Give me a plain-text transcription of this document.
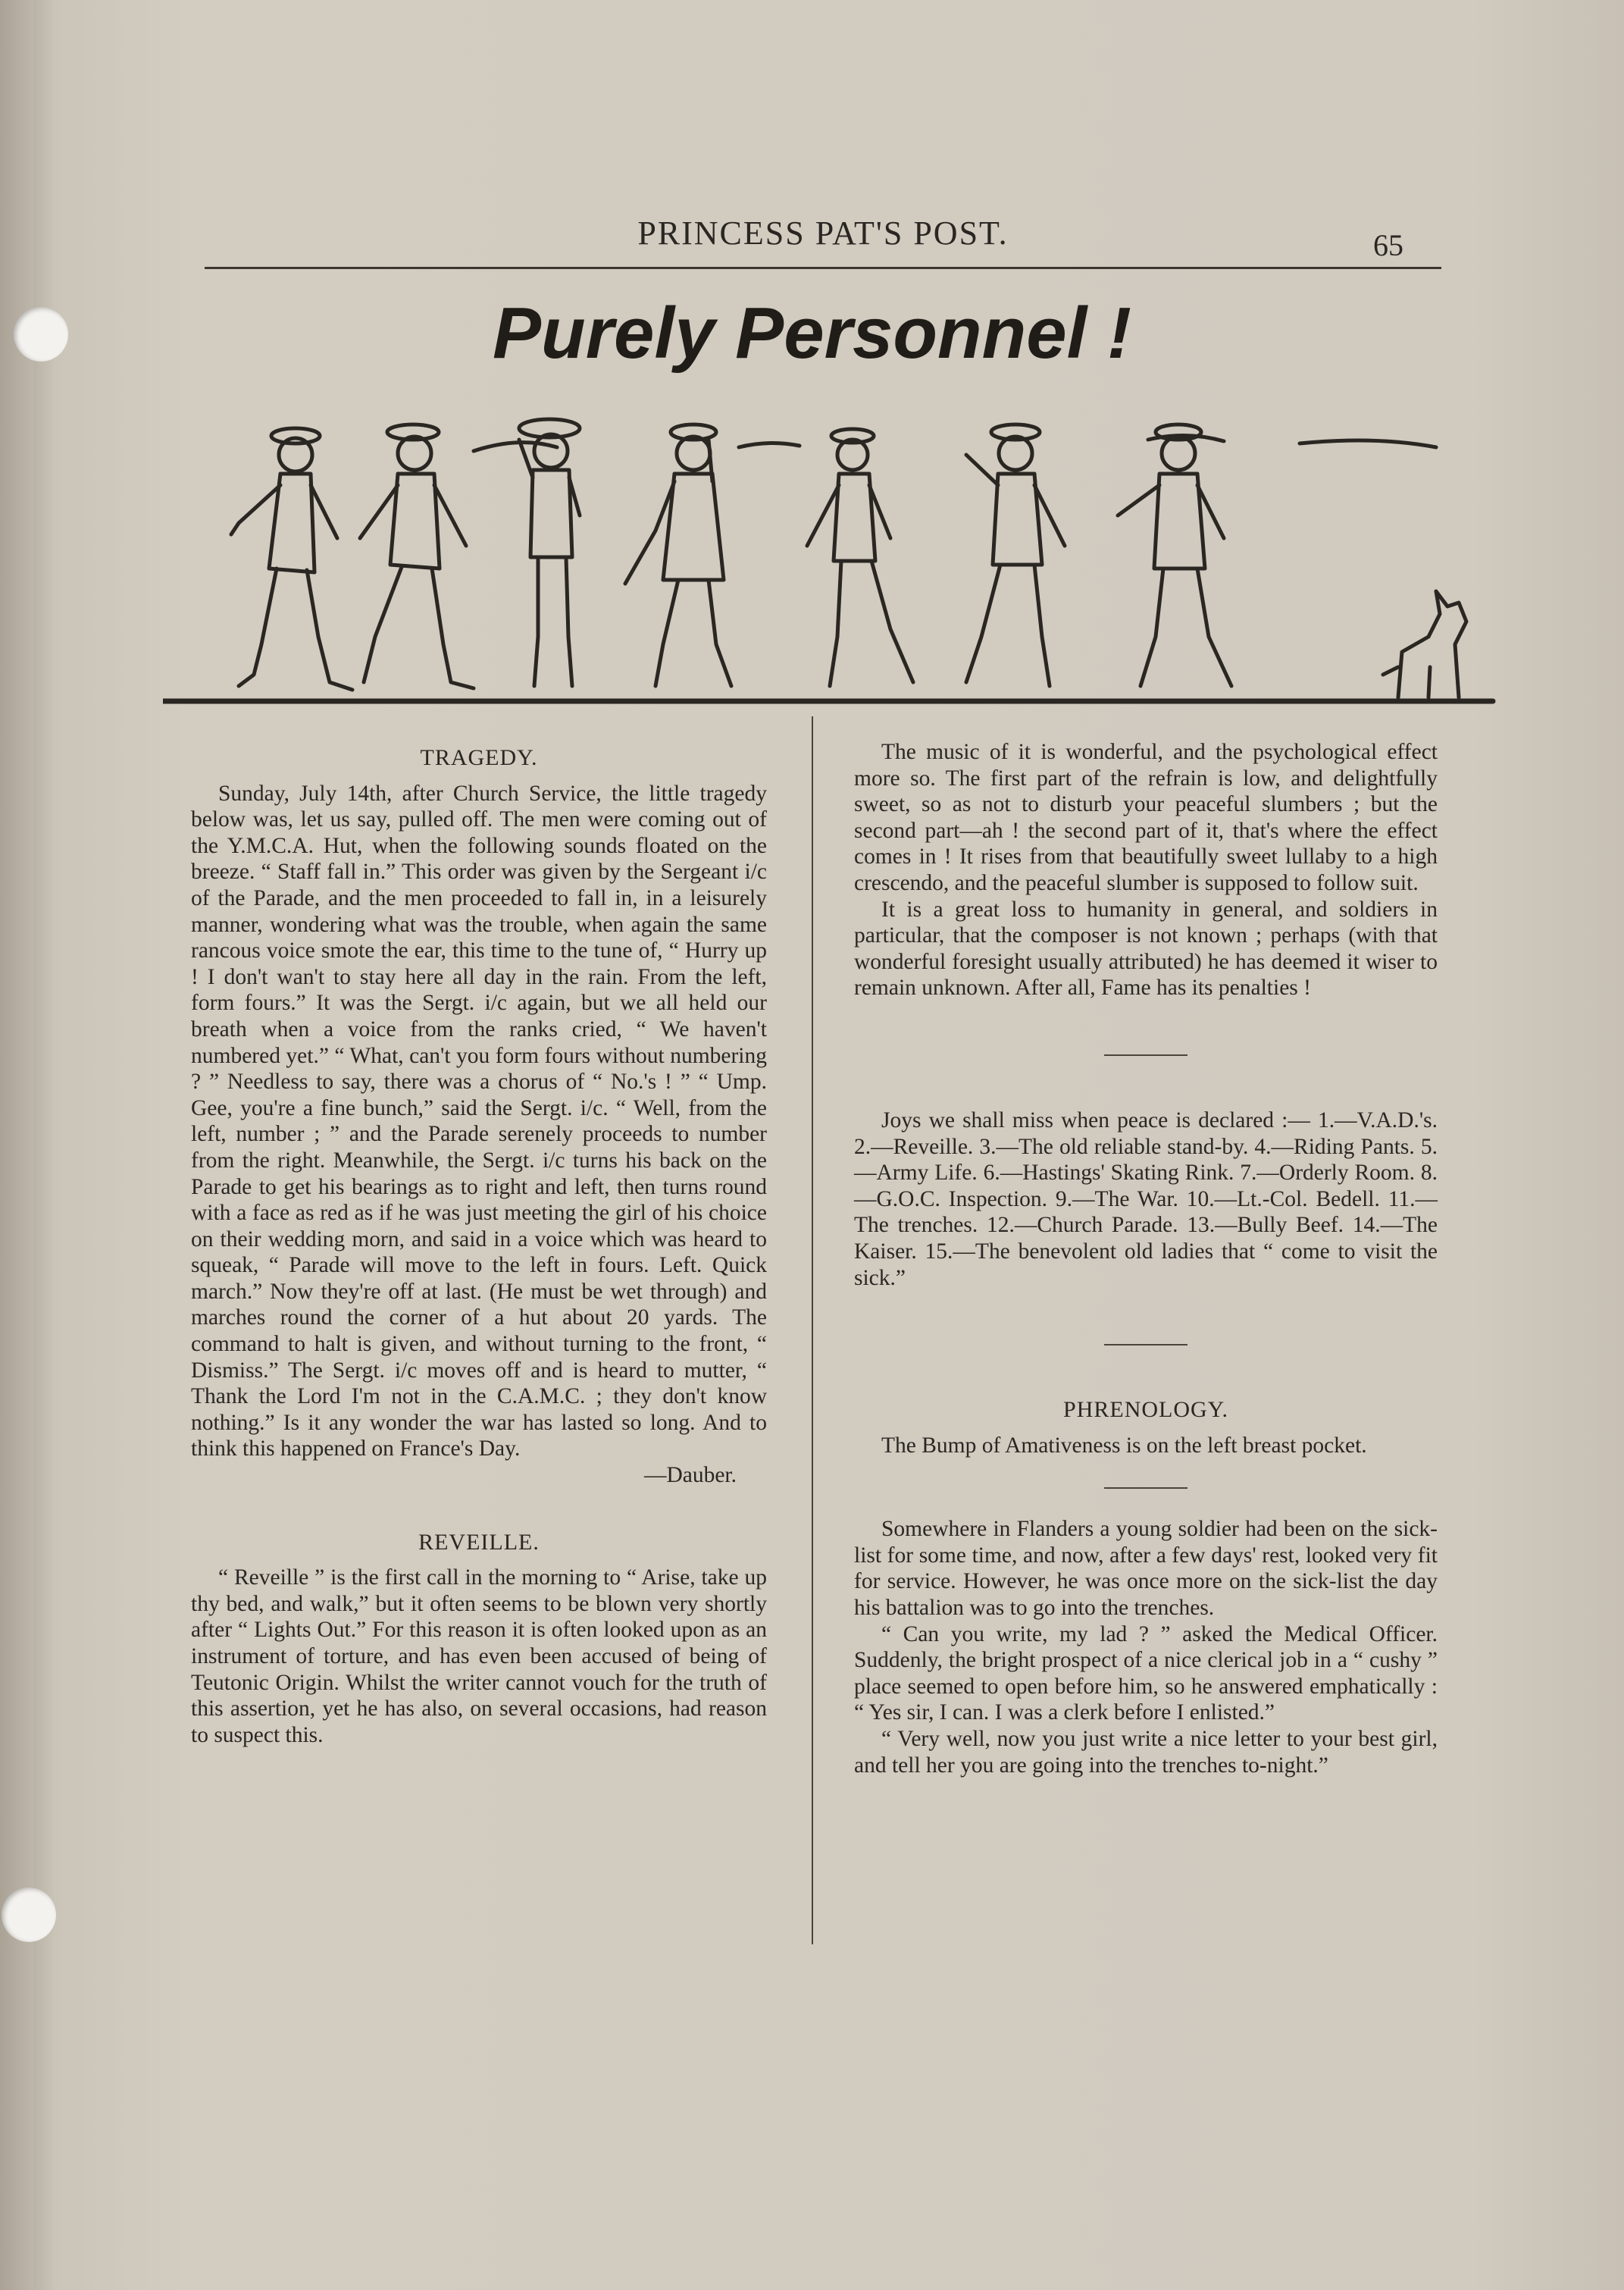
PRINCESS PAT'S POST.	65
Purely Personnel !
TRAGEDY.

Sunday, July 14th, after Church Service, the little tragedy below was, let us say, pulled off. The men were coming out of the Y.M.C.A. Hut, when the following sounds floated on the breeze. “ Staff fall in.” This order was given by the Sergeant i/c of the Parade, and the men proceeded to fall in, in a leisurely manner, wondering what was the trouble, when again the same rancous voice smote the ear, this time to the tune of, “ Hurry up ! I don't wan't to stay here all day in the rain. From the left, form fours.” It was the Sergt. i/c again, but we all held our breath when a voice from the ranks cried, “ We haven't numbered yet.” “ What, can't you form fours without numbering ? ” Needless to say, there was a chorus of “ No.'s ! ” “ Ump. Gee, you're a fine bunch,” said the Sergt. i/c. “ Well, from the left, number ; ” and the Parade serenely proceeds to number from the right. Meanwhile, the Sergt. i/c turns his back on the Parade to get his bearings as to right and left, then turns round with a face as red as if he was just meeting the girl of his choice on their wedding morn, and said in a voice which was heard to squeak, “ Parade will move to the left in fours. Left. Quick march.” Now they're off at last. (He must be wet through) and marches round the corner of a hut about 20 yards. The command to halt is given, and without turning to the front, “ Dismiss.” The Sergt. i/c moves off and is heard to mutter, “ Thank the Lord I'm not in the C.A.M.C. ; they don't know nothing.” Is it any wonder the war has lasted so long. And to think this happened on France's Day.

—Dauber.

REVEILLE.

“ Reveille ” is the first call in the morning to “ Arise, take up thy bed, and walk,” but it often seems to be blown very shortly after “ Lights Out.” For this reason it is often looked upon as an instrument of torture, and has even been accused of being of Teutonic Origin. Whilst the writer cannot vouch for the truth of this assertion, yet he has also, on several occasions, had reason to suspect this.

The music of it is wonderful, and the psychological effect more so. The first part of the refrain is low, and delightfully sweet, so as not to disturb your peaceful slumbers ; but the second part—ah ! the second part of it, that's where the effect comes in ! It rises from that beautifully sweet lullaby to a high crescendo, and the peaceful slumber is supposed to follow suit.

It is a great loss to humanity in general, and soldiers in particular, that the composer is not known ; perhaps (with that wonderful foresight usually attributed) he has deemed it wiser to remain unknown. After all, Fame has its penalties !

Joys we shall miss when peace is declared :— 1.—V.A.D.'s. 2.—Reveille. 3.—The old reliable stand-by. 4.—Riding Pants. 5.—Army Life. 6.—Hastings' Skating Rink. 7.—Orderly Room. 8.—G.O.C. Inspection. 9.—The War. 10.—Lt.-Col. Bedell. 11.—The trenches. 12.—Church Parade. 13.—Bully Beef. 14.—The Kaiser. 15.—The benevolent old ladies that “ come to visit the sick.”

PHRENOLOGY.

The Bump of Amativeness is on the left breast pocket.

Somewhere in Flanders a young soldier had been on the sick-list for some time, and now, after a few days' rest, looked very fit for service. However, he was once more on the sick-list the day his battalion was to go into the trenches.

“ Can you write, my lad ? ” asked the Medical Officer. Suddenly, the bright prospect of a nice clerical job in a “ cushy ” place seemed to open before him, so he answered emphatically : “ Yes sir, I can. I was a clerk before I enlisted.”

“ Very well, now you just write a nice letter to your best girl, and tell her you are going into the trenches to-night.”
